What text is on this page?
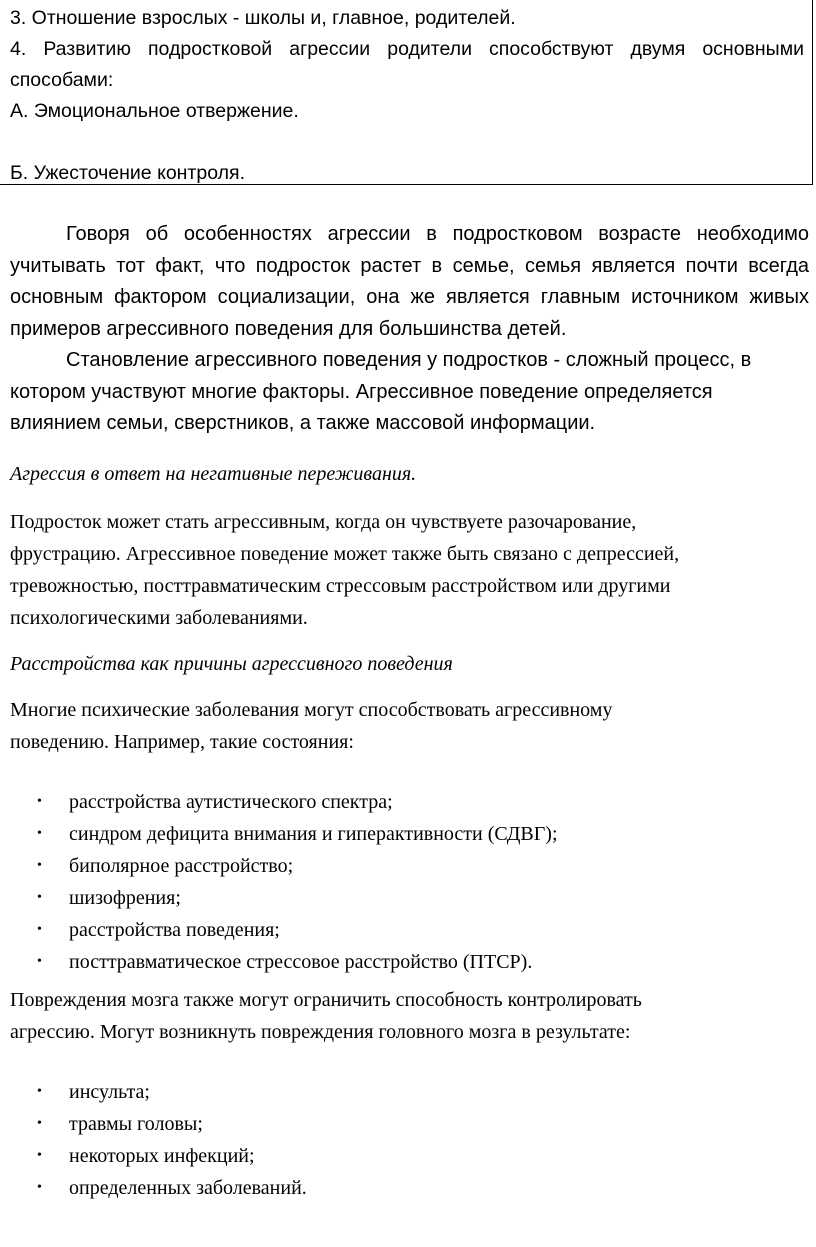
3. Отношение взрослых - школы и, главное, родителей.

4. Развитию подростковой агрессии родители способствуют двумя основными

способами:

А. Эмоциональное отвержение.

Б. Ужесточение контроля.

Говоря об особенностях агрессии в подростковом возрасте необходимо учитывать тот факт, что подросток растет в семье, семья является почти всегда основным фактором социализации, она же является главным источником живых примеров агрессивного поведения для большинства детей.

Становление агрессивного поведения у подростков - сложный процесс, в котором участвуют многие факторы. Агрессивное поведение определяется влиянием семьи, сверстников, а также массовой информации.

Агрессия в ответ на негативные переживания.

Подросток может стать агрессивным, когда он чувствуете разочарование,

фрустрацию. Агрессивное поведение может также быть связано с депрессией,

тревожностью, посттравматическим стрессовым расстройством или другими

психологическими заболеваниями.

Расстройства как причины агрессивного поведения

Многие психические заболевания могут способствовать агрессивному

поведению. Например, такие состояния:

• расстройства аутистического спектра;
• синдром дефицита внимания и гиперактивности (СДВГ);
• биполярное расстройство;
• шизофрения;
• расстройства поведения;
• посттравматическое стрессовое расстройство (ПТСР).

Повреждения мозга также могут ограничить способность контролировать

агрессию. Могут возникнуть повреждения головного мозга в результате:

• инсульта;
• травмы головы;
• некоторых инфекций;
• определенных заболеваний.
